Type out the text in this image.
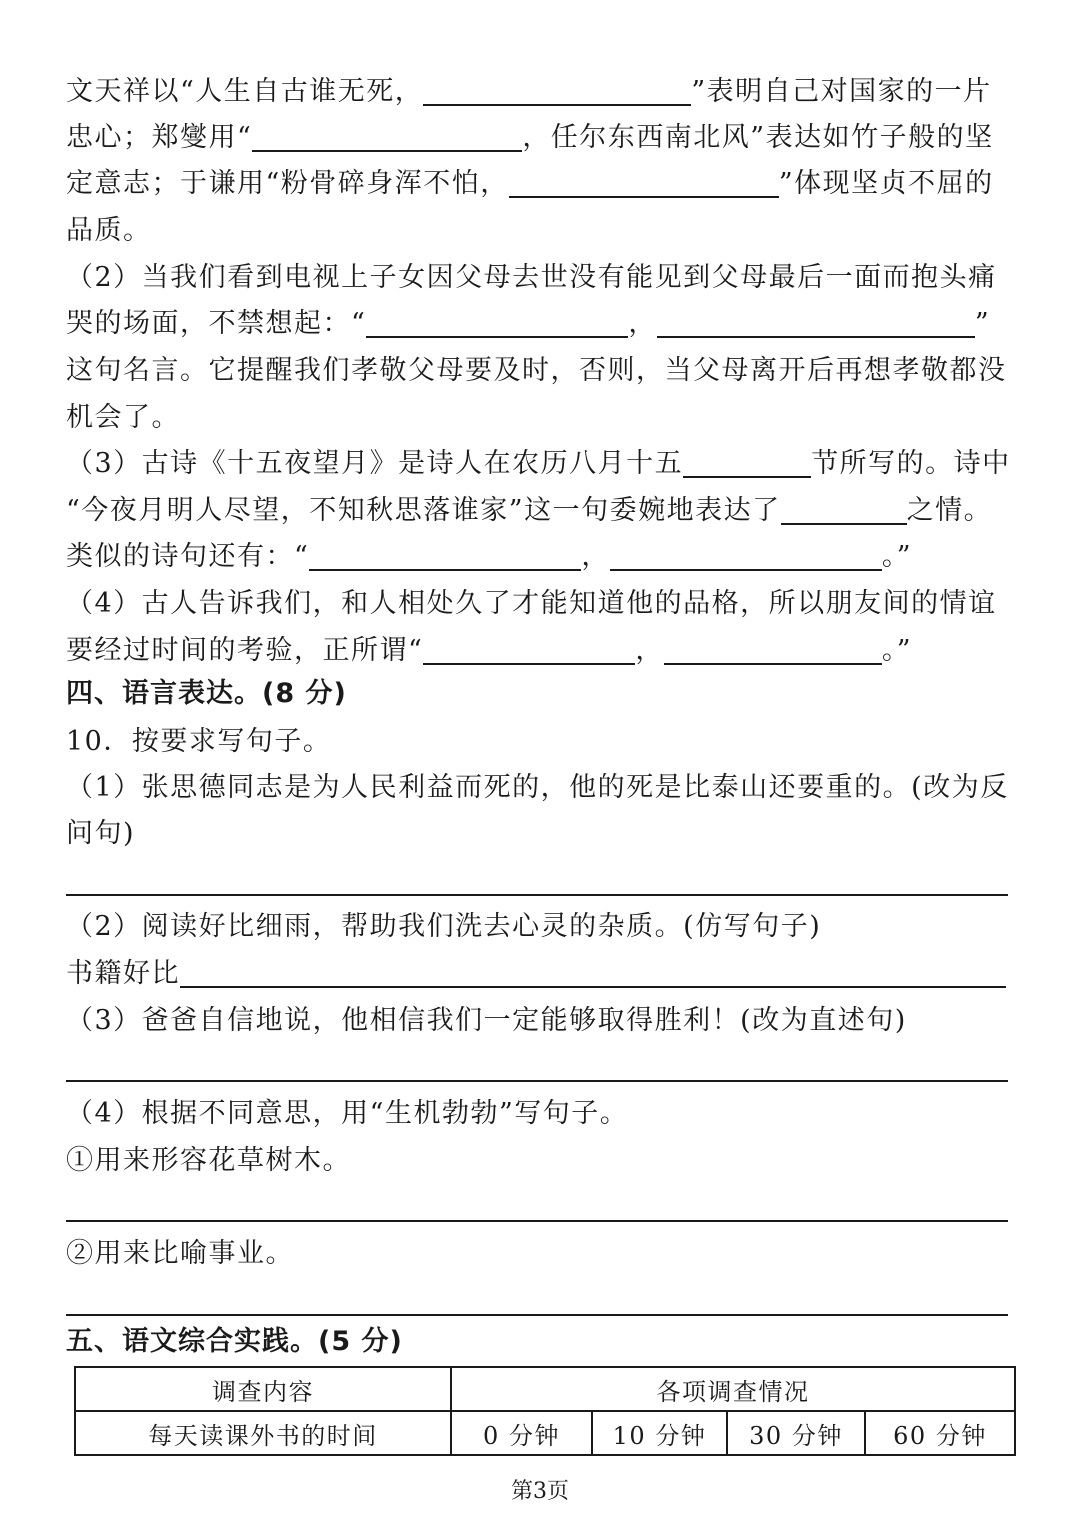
文天祥以“人生自古谁无死，	”表明自己对国家的一片
忠心；郑燮用“	，任尔东西南北风”表达如竹子般的坚
定意志；于谦用“粉骨碎身浑不怕，	”体现坚贞不屈的
品质。
（2）当我们看到电视上子女因父母去世没有能见到父母最后一面而抱头痛
哭的场面，不禁想起：“	，	”
这句名言。它提醒我们孝敬父母要及时，否则，当父母离开后再想孝敬都没
机会了。
（3）古诗《十五夜望月》是诗人在农历八月十五	节所写的。诗中
“今夜月明人尽望，不知秋思落谁家”这一句委婉地表达了	之情。
类似的诗句还有：“	，	。”
（4）古人告诉我们，和人相处久了才能知道他的品格，所以朋友间的情谊
要经过时间的考验，正所谓“	，	。”
四、语言表达。(8 分)
10．按要求写句子。
（1）张思德同志是为人民利益而死的，他的死是比泰山还要重的。(改为反
问句)
（2）阅读好比细雨，帮助我们洗去心灵的杂质。(仿写句子)
书籍好比
（3）爸爸自信地说，他相信我们一定能够取得胜利！(改为直述句)
（4）根据不同意思，用“生机勃勃”写句子。
①用来形容花草树木。
②用来比喻事业。
五、语文综合实践。(5 分)
调查内容	各项调查情况			
每天读课外书的时间	0 分钟	10 分钟	30 分钟	60 分钟
第3页
